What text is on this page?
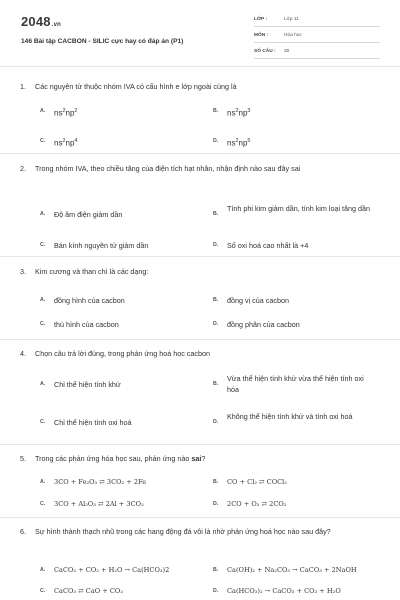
2048.vn
146 Bài tập CACBON - SILIC cực hay có đáp án (P1)
LỚP :	Lớp 11
MÔN :	Hóa học
SỐ CÂU : 30
1. Các nguyên tử thuộc nhóm IVA có cấu hình e lớp ngoài cùng là
A. $ns^2np^2$	B. $ns^2np^3$
C. $ns^2np^4$	D. $ns^2np^5$
2. Trong nhóm IVA, theo chiều tăng của điện tích hạt nhân, nhận định nào sau đây sai
A. Độ âm điện giảm dần	B.
Tính phi kim giảm dần, tính kim loại tăng dần
C. Bán kính nguyên tử giảm dần	D. Số oxi hoá cao nhất là +4
3. Kim cương và than chì là các dạng:
A. đồng hình của cacbon	B. đồng vị của cacbon
C. thù hình của cacbon	D. đồng phân của cacbon
4. Chọn câu trả lời đúng, trong phản ứng hoá học cacbon
A. Chỉ thể hiện tính khử	B.
Vừa thể hiện tính khử vừa thể hiện tính oxi hóa
C. Chỉ thể hiện tính oxi hoá	D.
Không thể hiện tính khử và tính oxi hoá
5. Trong các phản ứng hóa học sau, phản ứng nào sai?
A. 3CO + Fe₂O₃ ⇄ 3CO₂ + 2Fe	B. CO + Cl₂ ⇄ COCl₂
C. 3CO + Al₂O₃ ⇄ 2Al + 3CO₂	D. 2CO + O₂ ⇄ 2CO₂
6. Sự hình thành thạch nhũ trong các hang động đá vôi là nhờ phản ứng hoá học nào sau đây?
A. CaCO₃ + CO₂ + H₂O → Ca(HCO₃)2	B. Ca(OH)₂ + Na₂CO₃ → CaCO₃ + 2NaOH
C. CaCO₃ ⇄ CaO + CO₂	D. Ca(HCO₃)₂ → CaCO₃ + CO₂ + H₂O
